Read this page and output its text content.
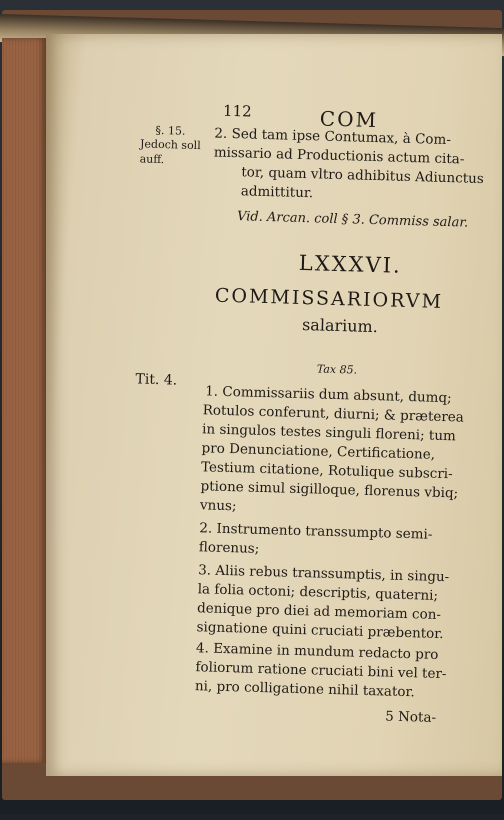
112	COM
§. 15.
Jedoch soll
auff.
2. Sed tam ipse Contumax, à Com-
missario ad Productionis actum cita-
tor, quam vltro adhibitus Adiunctus
admittitur.
Vid. Arcan. coll § 3. Commiss salar.
LXXXVI.
COMMISSARIORVM
salarium.
Tax 85.
Tit. 4.
1. Commissariis dum absunt, dumq;
Rotulos conferunt, diurni; & præterea
in singulos testes singuli floreni; tum
pro Denunciatione, Certificatione,
Testium citatione, Rotulique subscri-
ptione simul sigilloque, florenus vbiq;
vnus;
2. Instrumento transsumpto semi-
florenus;
3. Aliis rebus transsumptis, in singu-
la folia octoni; descriptis, quaterni;
denique pro diei ad memoriam con-
signatione quini cruciati præbentor.
4. Examine in mundum redacto pro
foliorum ratione cruciati bini vel ter-
ni, pro colligatione nihil taxator.
5 Nota-
